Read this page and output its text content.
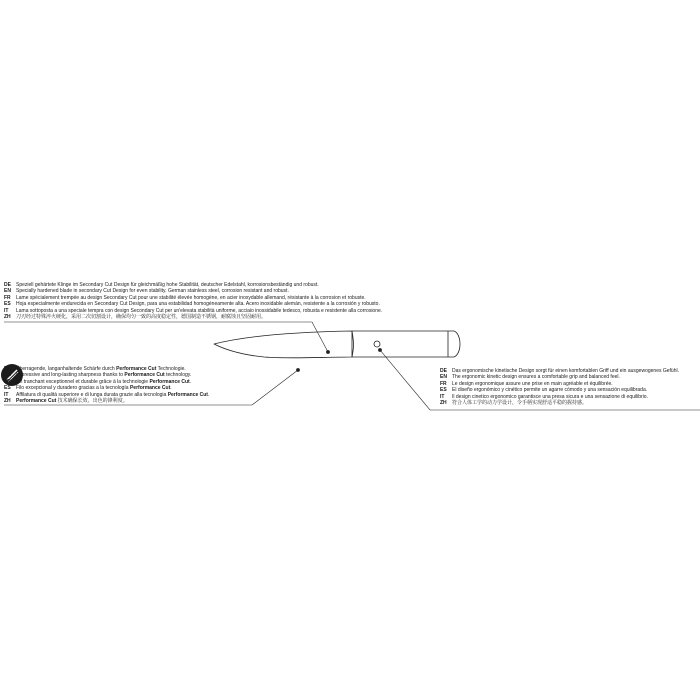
DE Speziell gehärtete Klinge im Secondary Cut Design für gleichmäßig hohe Stabilität, deutscher Edelstahl, korrosionsbeständig und robust.
EN Specially hardened blade in secondary Cut Design for even stability. German stainless steel, corrosion resistant and robust.
FR Lame spécialement trempée au design Secondary Cut pour une stabilité élevée homogène, en acier inoxydable allemand, résistante à la corrosion et robuste.
ES Hoja especialmente endurecida en Secondary Cut Design, para una estabilidad homogéneamente alta. Acero inoxidable alemán, resistente a la corrosión y robusto.
IT Lama sottoposta a una speciale tempra con design Secondary Cut per un'elevata stabilità uniforme, acciaio inossidabile tedesco, robusta e resistente alla corrosione.
ZH 刀刃经过特殊淬火硬化，采用二次切割设计，确保均匀一致的高度稳定性，德国制造不锈钢，耐腐蚀且坚固耐用。
DE Überragende, langanhaltende Schärfe durch Performance Cut Technologie.
EN Impressive and long-lasting sharpness thanks to Performance Cut technology.
FR Un tranchant exceptionnel et durable grâce à la technologie Performance Cut.
ES Filo excepcional y duradero gracias a la tecnología Performance Cut.
IT Affilatura di qualità superiore e di lunga durata grazie alla tecnologia Performance Cut.
ZH Performance Cut 技术确保长效、出色的锋利度。
DE Das ergonomische kinetische Design sorgt für einen komfortablen Griff und ein ausgewogenes Gefühl.
EN The ergonomic kinetic design ensures a comfortable grip and balanced feel.
FR Le design ergonomique assure une prise en main agréable et équilibrée.
ES El diseño ergonómico y cinético permite un agarre cómodo y una sensación equilibrada.
IT Il design cinetico ergonomico garantisce una presa sicura e una sensazione di equilibrio.
ZH 符合人体工学的动力学设计，令手柄实现舒适平稳的握持感。
